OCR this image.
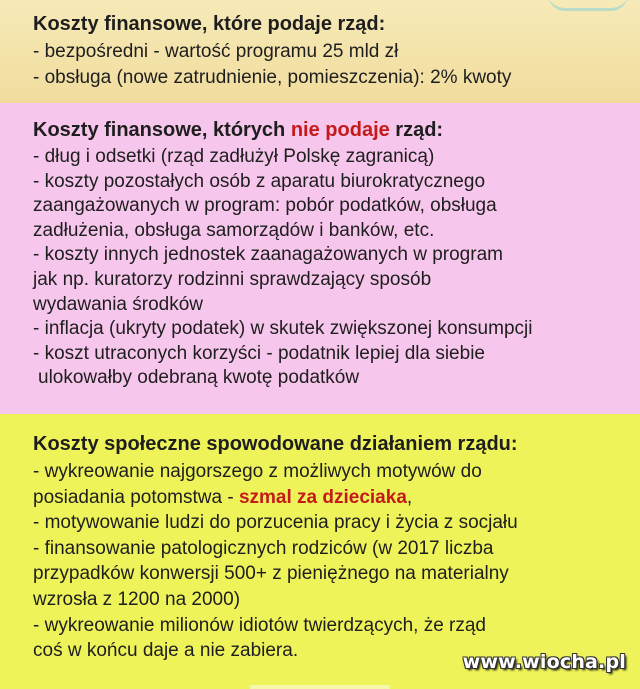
Koszty finansowe, które podaje rząd:
- bezpośredni - wartość programu 25 mld zł
- obsługa (nowe zatrudnienie, pomieszczenia): 2% kwoty
Koszty finansowe, których nie podaje rząd:
- dług i odsetki (rząd zadłużył Polskę zagranicą)
- koszty pozostałych osób z aparatu biurokratycznego
zaangażowanych w program: pobór podatków, obsługa
zadłużenia, obsługa samorządów i banków, etc.
- koszty innych jednostek zaanagażowanych w program
jak np. kuratorzy rodzinni sprawdzający sposób
wydawania środków
- inflacja (ukryty podatek) w skutek zwiększonej konsumpcji
- koszt utraconych korzyści - podatnik lepiej dla siebie
ulokowałby odebraną kwotę podatków
Koszty społeczne spowodowane działaniem rządu:
- wykreowanie najgorszego z możliwych motywów do
posiadania potomstwa - szmal za dzieciaka,
- motywowanie ludzi do porzucenia pracy i życia z socjału
- finansowanie patologicznych rodziców (w 2017 liczba
przypadków konwersji 500+ z pieniężnego na materialny
wzrosła z 1200 na 2000)
- wykreowanie milionów idiotów twierdzących, że rząd
coś w końcu daje a nie zabiera.
www.wiocha.pl
